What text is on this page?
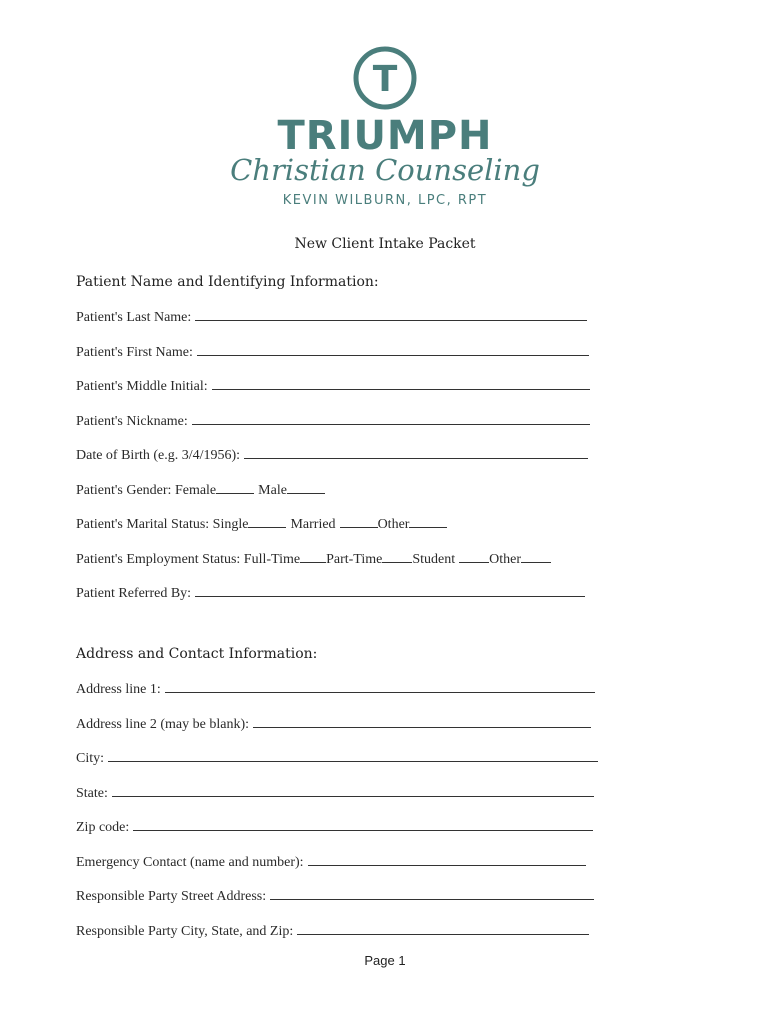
T
TRIUMPH
Christian Counseling
KEVIN WILBURN, LPC, RPT
New Client Intake Packet
Patient Name and Identifying Information:
Patient's Last Name:
Patient's First Name:
Patient's Middle Initial:
Patient's Nickname:
Date of Birth (e.g. 3/4/1956):
Patient's Gender: Female	Male
Patient's Marital Status: Single	Married	Other
Patient's Employment Status: Full-Time Part-Time Student Other
Patient Referred By:
Address and Contact Information:
Address line 1:
Address line 2 (may be blank):
City:
State:
Zip code:
Emergency Contact (name and number):
Responsible Party Street Address:
Responsible Party City, State, and Zip:
Page 1
